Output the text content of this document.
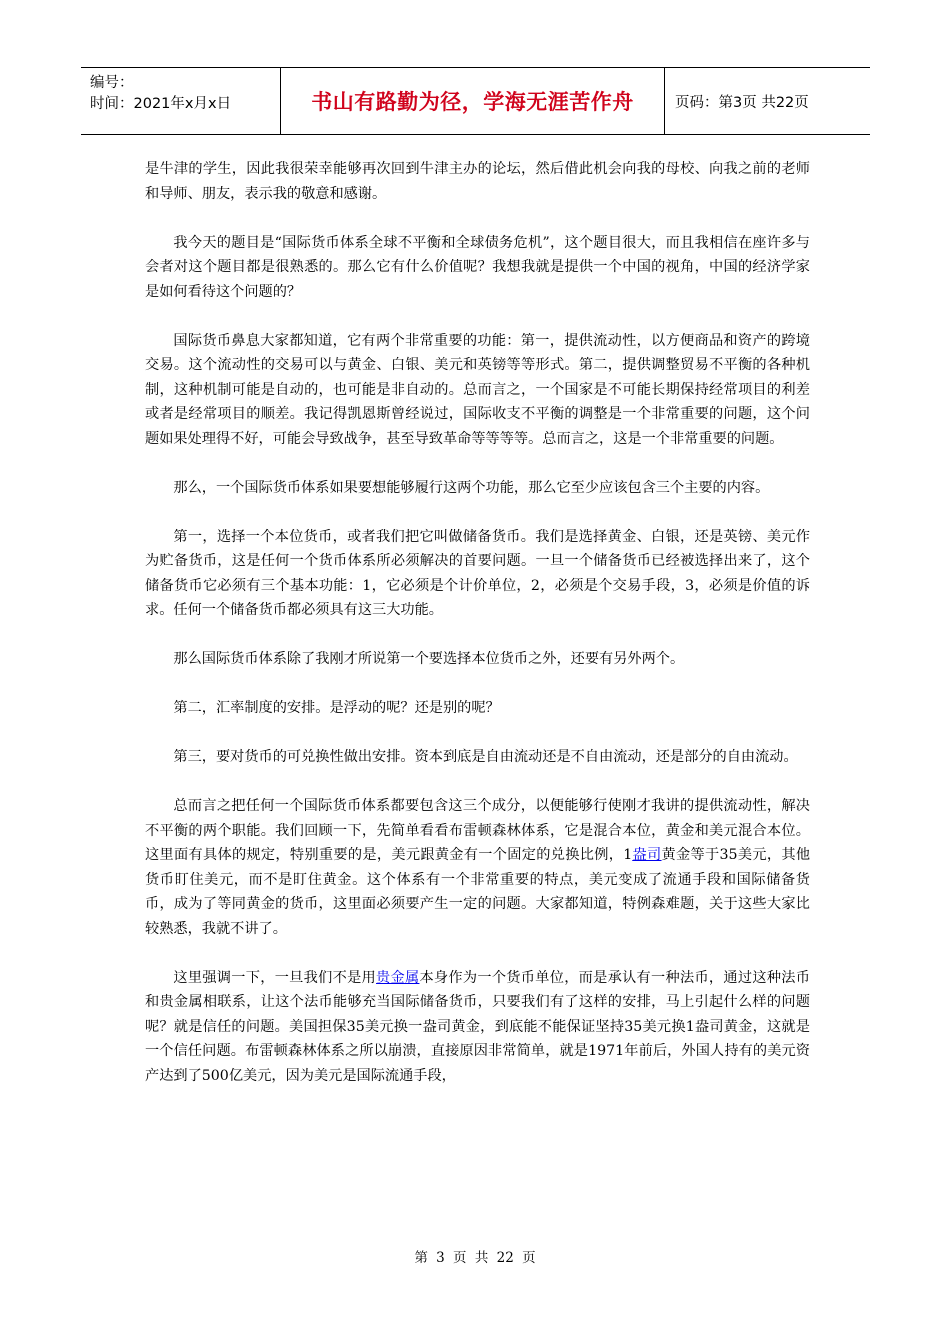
编号：
时间：2021年x月x日	书山有路勤为径，学海无涯苦作舟	页码：第3页 共22页

是牛津的学生，因此我很荣幸能够再次回到牛津主办的论坛，然后借此机会向我的母校、向我之前的老师和导师、朋友，表示我的敬意和感谢。

我今天的题目是“国际货币体系全球不平衡和全球债务危机”，这个题目很大，而且我相信在座许多与会者对这个题目都是很熟悉的。那么它有什么价值呢？我想我就是提供一个中国的视角，中国的经济学家是如何看待这个问题的？

国际货币鼻息大家都知道，它有两个非常重要的功能：第一，提供流动性，以方便商品和资产的跨境交易。这个流动性的交易可以与黄金、白银、美元和英镑等等形式。第二，提供调整贸易不平衡的各种机制，这种机制可能是自动的，也可能是非自动的。总而言之，一个国家是不可能长期保持经常项目的利差或者是经常项目的顺差。我记得凯恩斯曾经说过，国际收支不平衡的调整是一个非常重要的问题，这个问题如果处理得不好，可能会导致战争，甚至导致革命等等等等。总而言之，这是一个非常重要的问题。

那么，一个国际货币体系如果要想能够履行这两个功能，那么它至少应该包含三个主要的内容。

第一，选择一个本位货币，或者我们把它叫做储备货币。我们是选择黄金、白银，还是英镑、美元作为贮备货币，这是任何一个货币体系所必须解决的首要问题。一旦一个储备货币已经被选择出来了，这个储备货币它必须有三个基本功能：1，它必须是个计价单位，2，必须是个交易手段，3，必须是价值的诉求。任何一个储备货币都必须具有这三大功能。

那么国际货币体系除了我刚才所说第一个要选择本位货币之外，还要有另外两个。

第二，汇率制度的安排。是浮动的呢？还是别的呢？

第三，要对货币的可兑换性做出安排。资本到底是自由流动还是不自由流动，还是部分的自由流动。

总而言之把任何一个国际货币体系都要包含这三个成分，以便能够行使刚才我讲的提供流动性，解决不平衡的两个职能。我们回顾一下，先简单看看布雷顿森林体系，它是混合本位，黄金和美元混合本位。这里面有具体的规定，特别重要的是，美元跟黄金有一个固定的兑换比例，1盎司黄金等于35美元，其他货币盯住美元，而不是盯住黄金。这个体系有一个非常重要的特点，美元变成了流通手段和国际储备货币，成为了等同黄金的货币，这里面必须要产生一定的问题。大家都知道，特例森难题，关于这些大家比较熟悉，我就不讲了。

这里强调一下，一旦我们不是用贵金属本身作为一个货币单位，而是承认有一种法币，通过这种法币和贵金属相联系，让这个法币能够充当国际储备货币，只要我们有了这样的安排，马上引起什么样的问题呢？就是信任的问题。美国担保35美元换一盎司黄金，到底能不能保证坚持35美元换1盎司黄金，这就是一个信任问题。布雷顿森林体系之所以崩溃，直接原因非常简单，就是1971年前后，外国人持有的美元资产达到了500亿美元，因为美元是国际流通手段，

第 3 页 共 22 页
